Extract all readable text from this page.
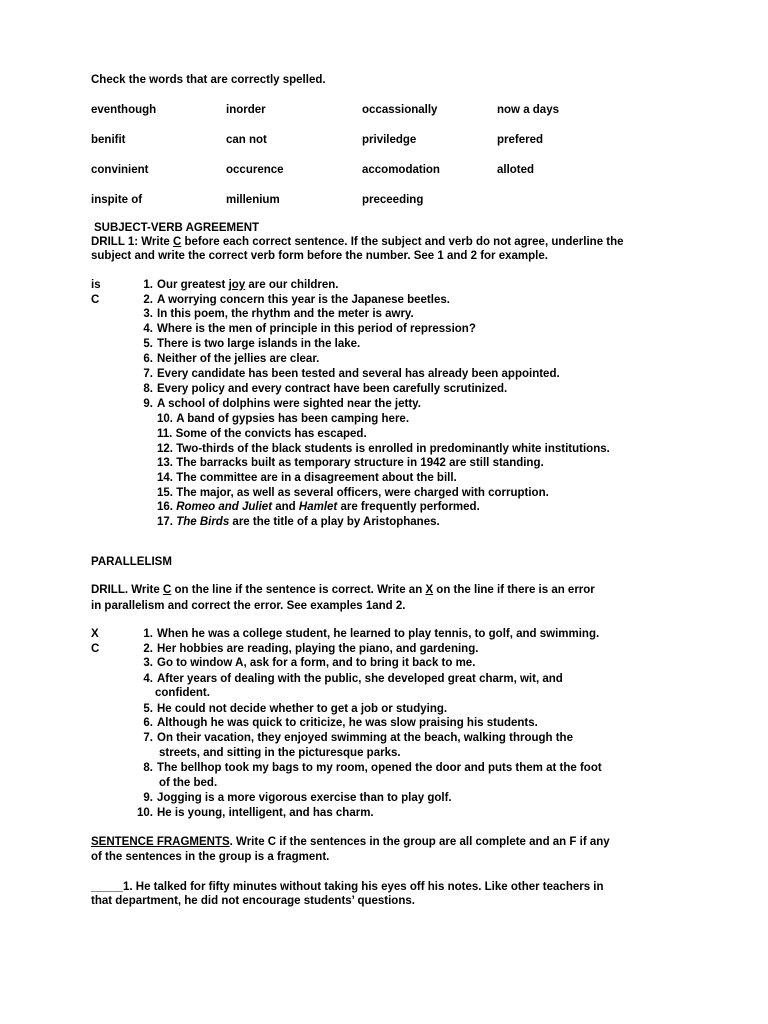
Check the words that are correctly spelled.
eventhough	inorder	occassionally	now a days
benifit	can not	priviledge	prefered
convinient	occurence	accomodation	alloted
inspite of	millenium	preceeding
SUBJECT-VERB AGREEMENT
DRILL 1: Write C before each correct sentence. If the subject and verb do not agree, underline the
subject and write the correct verb form before the number. See 1 and 2 for example.
is	1. Our greatest joy are our children.
C	2. A worrying concern this year is the Japanese beetles.
3. In this poem, the rhythm and the meter is awry.
4. Where is the men of principle in this period of repression?
5. There is two large islands in the lake.
6. Neither of the jellies are clear.
7. Every candidate has been tested and several has already been appointed.
8. Every policy and every contract have been carefully scrutinized.
9. A school of dolphins were sighted near the jetty.
10. A band of gypsies has been camping here.
11. Some of the convicts has escaped.
12. Two-thirds of the black students is enrolled in predominantly white institutions.
13. The barracks built as temporary structure in 1942 are still standing.
14. The committee are in a disagreement about the bill.
15. The major, as well as several officers, were charged with corruption.
16. Romeo and Juliet and Hamlet are frequently performed.
17. The Birds are the title of a play by Aristophanes.
PARALLELISM
DRILL. Write C on the line if the sentence is correct. Write an X on the line if there is an error
in parallelism and correct the error. See examples 1and 2.
X	1. When he was a college student, he learned to play tennis, to golf, and swimming.
C	2. Her hobbies are reading, playing the piano, and gardening.
3. Go to window A, ask for a form, and to bring it back to me.
4. After years of dealing with the public, she developed great charm, wit, and
confident.
5. He could not decide whether to get a job or studying.
6. Although he was quick to criticize, he was slow praising his students.
7. On their vacation, they enjoyed swimming at the beach, walking through the
streets, and sitting in the picturesque parks.
8. The bellhop took my bags to my room, opened the door and puts them at the foot
of the bed.
9. Jogging is a more vigorous exercise than to play golf.
10. He is young, intelligent, and has charm.
SENTENCE FRAGMENTS. Write C if the sentences in the group are all complete and an F if any
of the sentences in the group is a fragment.
_____1. He talked for fifty minutes without taking his eyes off his notes. Like other teachers in
that department, he did not encourage students’ questions.
